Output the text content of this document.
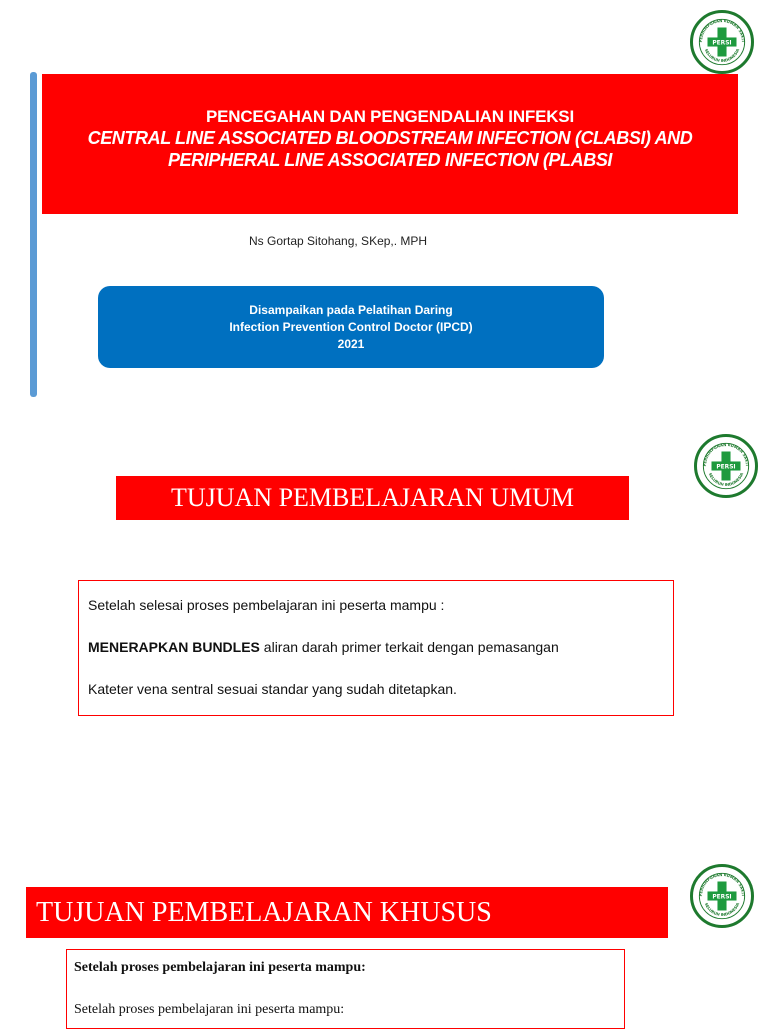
PERHIMPUNAN RUMAH SAKIT
SELURUH INDONESIA
PERSI
PENCEGAHAN DAN PENGENDALIAN INFEKSI
CENTRAL LINE ASSOCIATED BLOODSTREAM INFECTION (CLABSI) AND
PERIPHERAL LINE ASSOCIATED INFECTION (PLABSI
Ns Gortap Sitohang, SKep,. MPH
Disampaikan pada Pelatihan Daring
Infection Prevention Control Doctor (IPCD)
2021
PERHIMPUNAN RUMAH SAKIT
SELURUH INDONESIA
PERSI
TUJUAN PEMBELAJARAN UMUM

Setelah selesai proses pembelajaran ini peserta mampu :

MENERAPKAN BUNDLES aliran darah primer terkait dengan pemasangan

Kateter vena sentral sesuai standar yang sudah ditetapkan.

PERHIMPUNAN RUMAH SAKIT
SELURUH INDONESIA
PERSI
TUJUAN PEMBELAJARAN KHUSUS

Setelah proses pembelajaran ini peserta mampu:

Setelah proses pembelajaran ini peserta mampu:
